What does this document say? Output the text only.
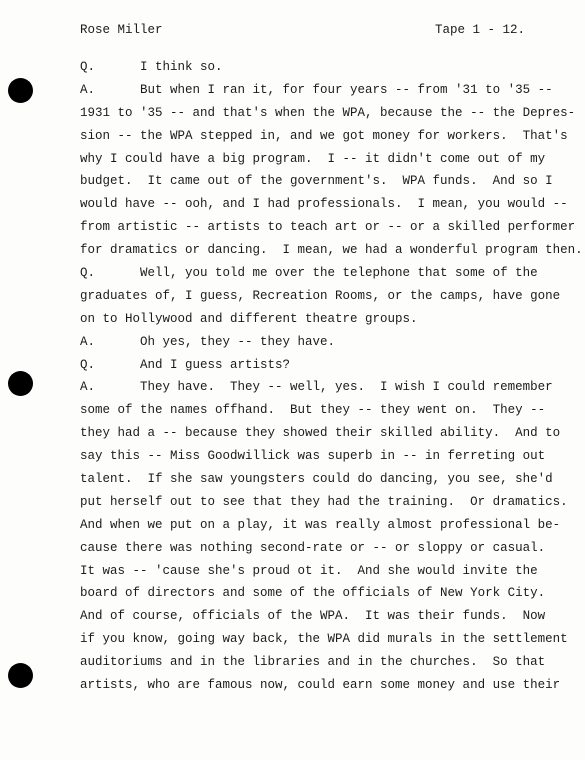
Rose Miller	Tape 1 - 12.
Q.      I think so.
A.      But when I ran it, for four years -- from '31 to '35 --
1931 to '35 -- and that's when the WPA, because the -- the Depres-
sion -- the WPA stepped in, and we got money for workers.  That's
why I could have a big program.  I -- it didn't come out of my
budget.  It came out of the government's.  WPA funds.  And so I
would have -- ooh, and I had professionals.  I mean, you would --
from artistic -- artists to teach art or -- or a skilled performer
for dramatics or dancing.  I mean, we had a wonderful program then.
Q.      Well, you told me over the telephone that some of the
graduates of, I guess, Recreation Rooms, or the camps, have gone
on to Hollywood and different theatre groups.
A.      Oh yes, they -- they have.
Q.      And I guess artists?
A.      They have.  They -- well, yes.  I wish I could remember
some of the names offhand.  But they -- they went on.  They --
they had a -- because they showed their skilled ability.  And to
say this -- Miss Goodwillick was superb in -- in ferreting out
talent.  If she saw youngsters could do dancing, you see, she'd
put herself out to see that they had the training.  Or dramatics.
And when we put on a play, it was really almost professional be-
cause there was nothing second-rate or -- or sloppy or casual.
It was -- 'cause she's proud ot it.  And she would invite the
board of directors and some of the officials of New York City.
And of course, officials of the WPA.  It was their funds.  Now
if you know, going way back, the WPA did murals in the settlement
auditoriums and in the libraries and in the churches.  So that
artists, who are famous now, could earn some money and use their
